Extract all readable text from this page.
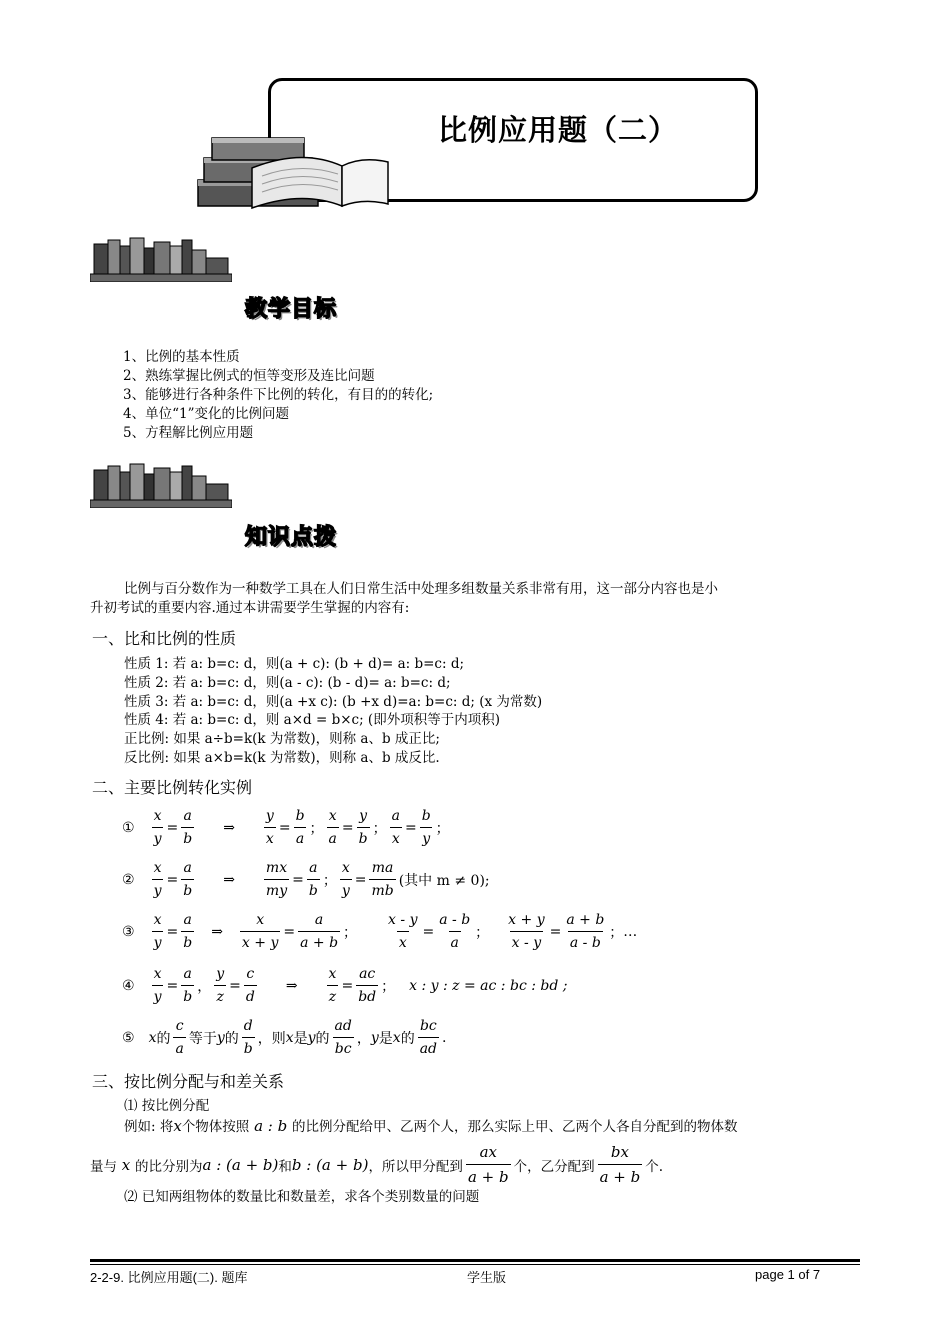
比例应用题（二）
教学目标
1、比例的基本性质
2、熟练掌握比例式的恒等变形及连比问题
3、能够进行各种条件下比例的转化，有目的的转化;
4、单位“1”变化的比例问题
5、方程解比例应用题
知识点拨
比例与百分数作为一种数学工具在人们日常生活中处理多组数量关系非常有用，这一部分内容也是小
升初考试的重要内容.通过本讲需要学生掌握的内容有:
一、比和比例的性质
性质 1: 若 a: b=c: d，则(a + c): (b + d)= a: b=c: d;
性质 2: 若 a: b=c: d，则(a - c): (b - d)= a: b=c: d;
性质 3: 若 a: b=c: d，则(a +x c): (b +x d)=a: b=c: d; (x 为常数)
性质 4: 若 a: b=c: d，则 a×d = b×c; (即外项积等于内项积)
正比例: 如果 a÷b=k(k 为常数)，则称 a、b 成正比;
反比例: 如果 a×b=k(k 为常数)，则称 a、b 成反比.
二、主要比例转化实例
① $\frac{x}{y} = \frac{a}{b}$ ⇒ $\frac{y}{x} = \frac{b}{a}$ ； $\frac{x}{a} = \frac{y}{b}$ ； $\frac{a}{x} = \frac{b}{y}$ ；
② $\frac{x}{y} = \frac{a}{b}$ ⇒ $\frac{mx}{my} = \frac{a}{b}$ ； $\frac{x}{y} = \frac{ma}{mb}$ (其中 m ≠ 0);
③ $\frac{x}{y} = \frac{a}{b}$ ⇒ $\frac{x}{x + y} = \frac{a}{a + b}$ ； $\frac{x - y}{x} = \frac{a - b}{a}$ ； $\frac{x + y}{x - y} = \frac{a + b}{a - b}$ ； …
④ $\frac{x}{y} = \frac{a}{b}$ ， $\frac{y}{z} = \frac{c}{d}$ ⇒ $\frac{x}{z} = \frac{ac}{bd}$ ； x : y : z = ac : bc : bd ;
⑤ x 的 $\frac{c}{a}$ 等于 y 的 $\frac{d}{b}$ ，则 x 是 y 的 $\frac{ad}{bc}$ ， y 是 x 的 $\frac{bc}{ad}$ .
三、按比例分配与和差关系
⑴ 按比例分配
例如: 将x个物体按照 a : b 的比例分配给甲、乙两个人，那么实际上甲、乙两个人各自分配到的物体数
量与 x 的比分别为 a : (a + b) 和 b : (a + b) ，所以甲分配到 $\frac{ax}{a + b}$ 个，乙分配到 $\frac{bx}{a + b}$ 个.
⑵ 已知两组物体的数量比和数量差，求各个类别数量的问题
2-2-9. 比例应用题(二). 题库	学生版	page 1 of 7
